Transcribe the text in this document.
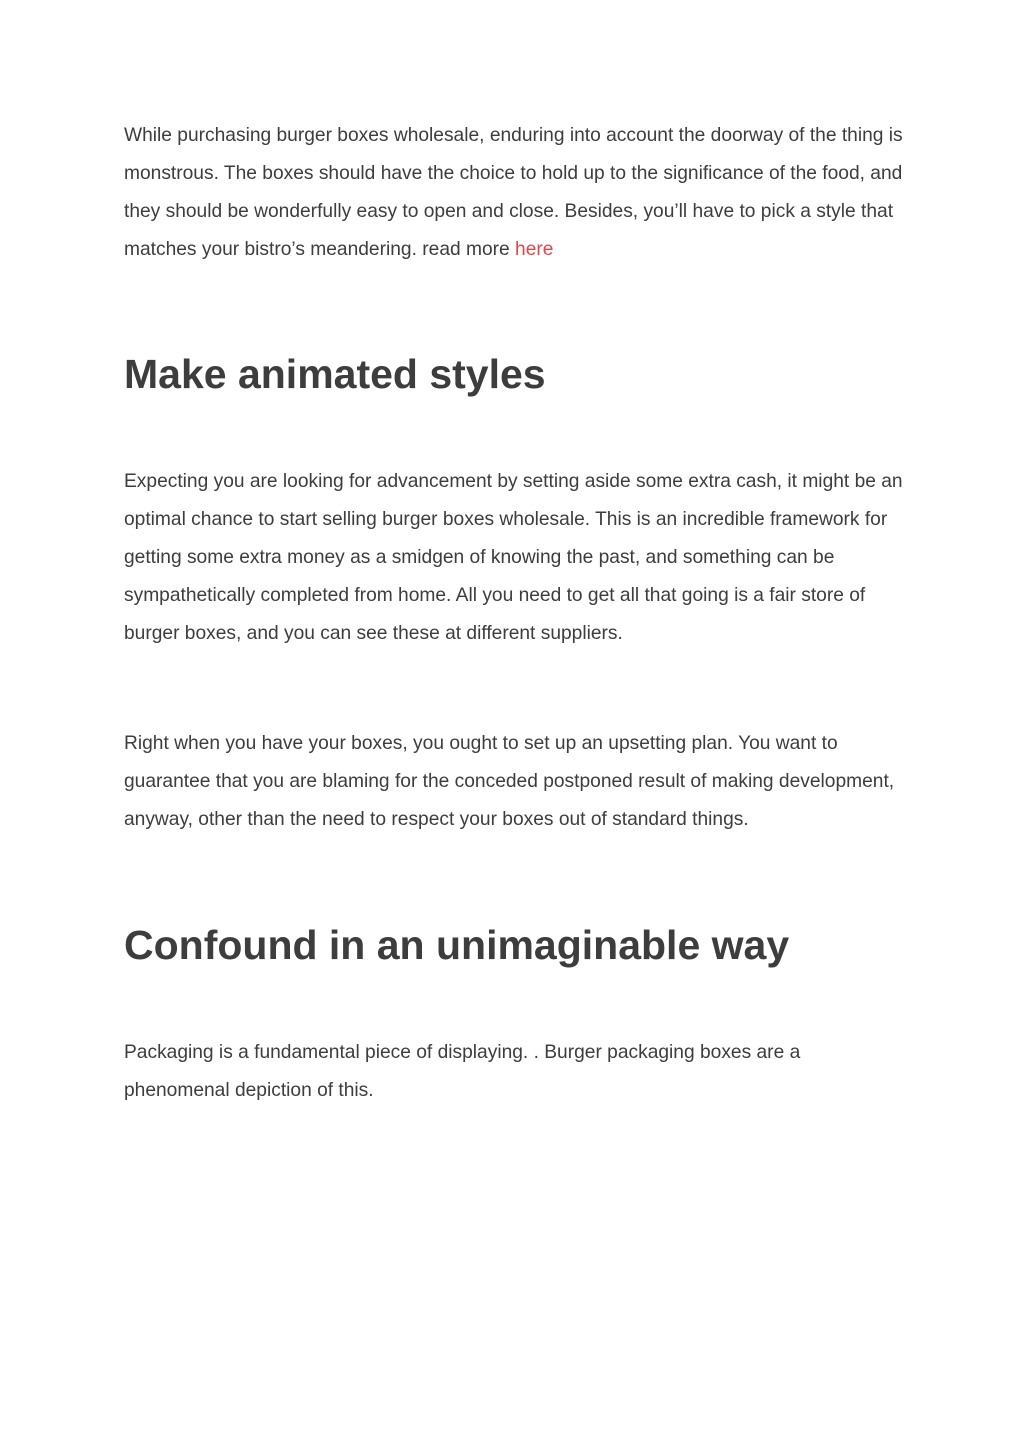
While purchasing burger boxes wholesale, enduring into account the doorway of the thing is monstrous. The boxes should have the choice to hold up to the significance of the food, and they should be wonderfully easy to open and close. Besides, you’ll have to pick a style that matches your bistro’s meandering. read more here

Make animated styles

Expecting you are looking for advancement by setting aside some extra cash, it might be an optimal chance to start selling burger boxes wholesale. This is an incredible framework for getting some extra money as a smidgen of knowing the past, and something can be sympathetically completed from home. All you need to get all that going is a fair store of burger boxes, and you can see these at different suppliers.

Right when you have your boxes, you ought to set up an upsetting plan. You want to guarantee that you are blaming for the conceded postponed result of making development, anyway, other than the need to respect your boxes out of standard things.

Confound in an unimaginable way

Packaging is a fundamental piece of displaying. . Burger packaging boxes are a phenomenal depiction of this.
